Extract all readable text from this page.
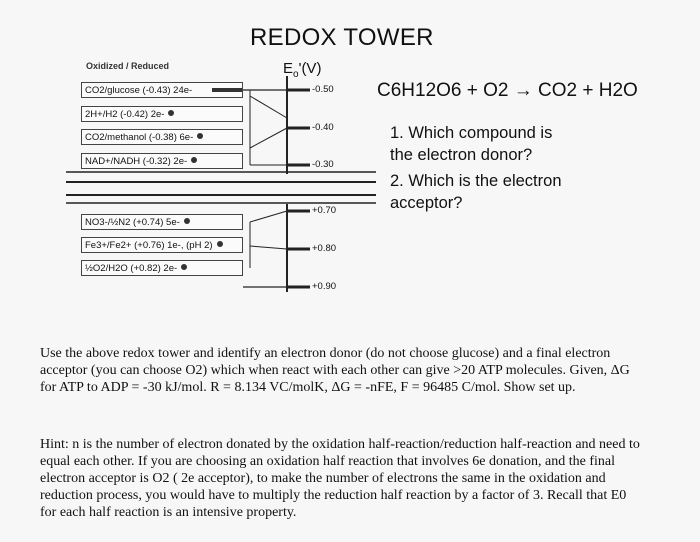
REDOX TOWER
$E_o'(V)$
Oxidized / Reduced
CO2/glucose (-0.43) 24e-
2H+/H2 (-0.42) 2e-
CO2/methanol (-0.38) 6e-
NAD+/NADH (-0.32) 2e-
NO3-/½N2 (+0.74) 5e-
Fe3+/Fe2+ (+0.76) 1e-, (pH 2)
½O2/H2O (+0.82) 2e-
-0.50
-0.40
-0.30
+0.70
+0.80
+0.90
C6H12O6 + O2 → CO2 + H2O
1. Which compound is
the electron donor?
2. Which is the electron
acceptor?
Use the above redox tower and identify an electron donor (do not choose glucose) and a final electron acceptor (you can choose O2) which when react with each other can give >20 ATP molecules. Given, ΔG for ATP to ADP = -30 kJ/mol. R = 8.134 VC/molK, ΔG = -nFE, F = 96485 C/mol. Show set up.
Hint: n is the number of electron donated by the oxidation half-reaction/reduction half-reaction and need to equal each other. If you are choosing an oxidation half reaction that involves 6e donation, and the final electron acceptor is O2 ( 2e acceptor), to make the number of electrons the same in the oxidation and reduction process, you would have to multiply the reduction half reaction by a factor of 3. Recall that E0 for each half reaction is an intensive property.
